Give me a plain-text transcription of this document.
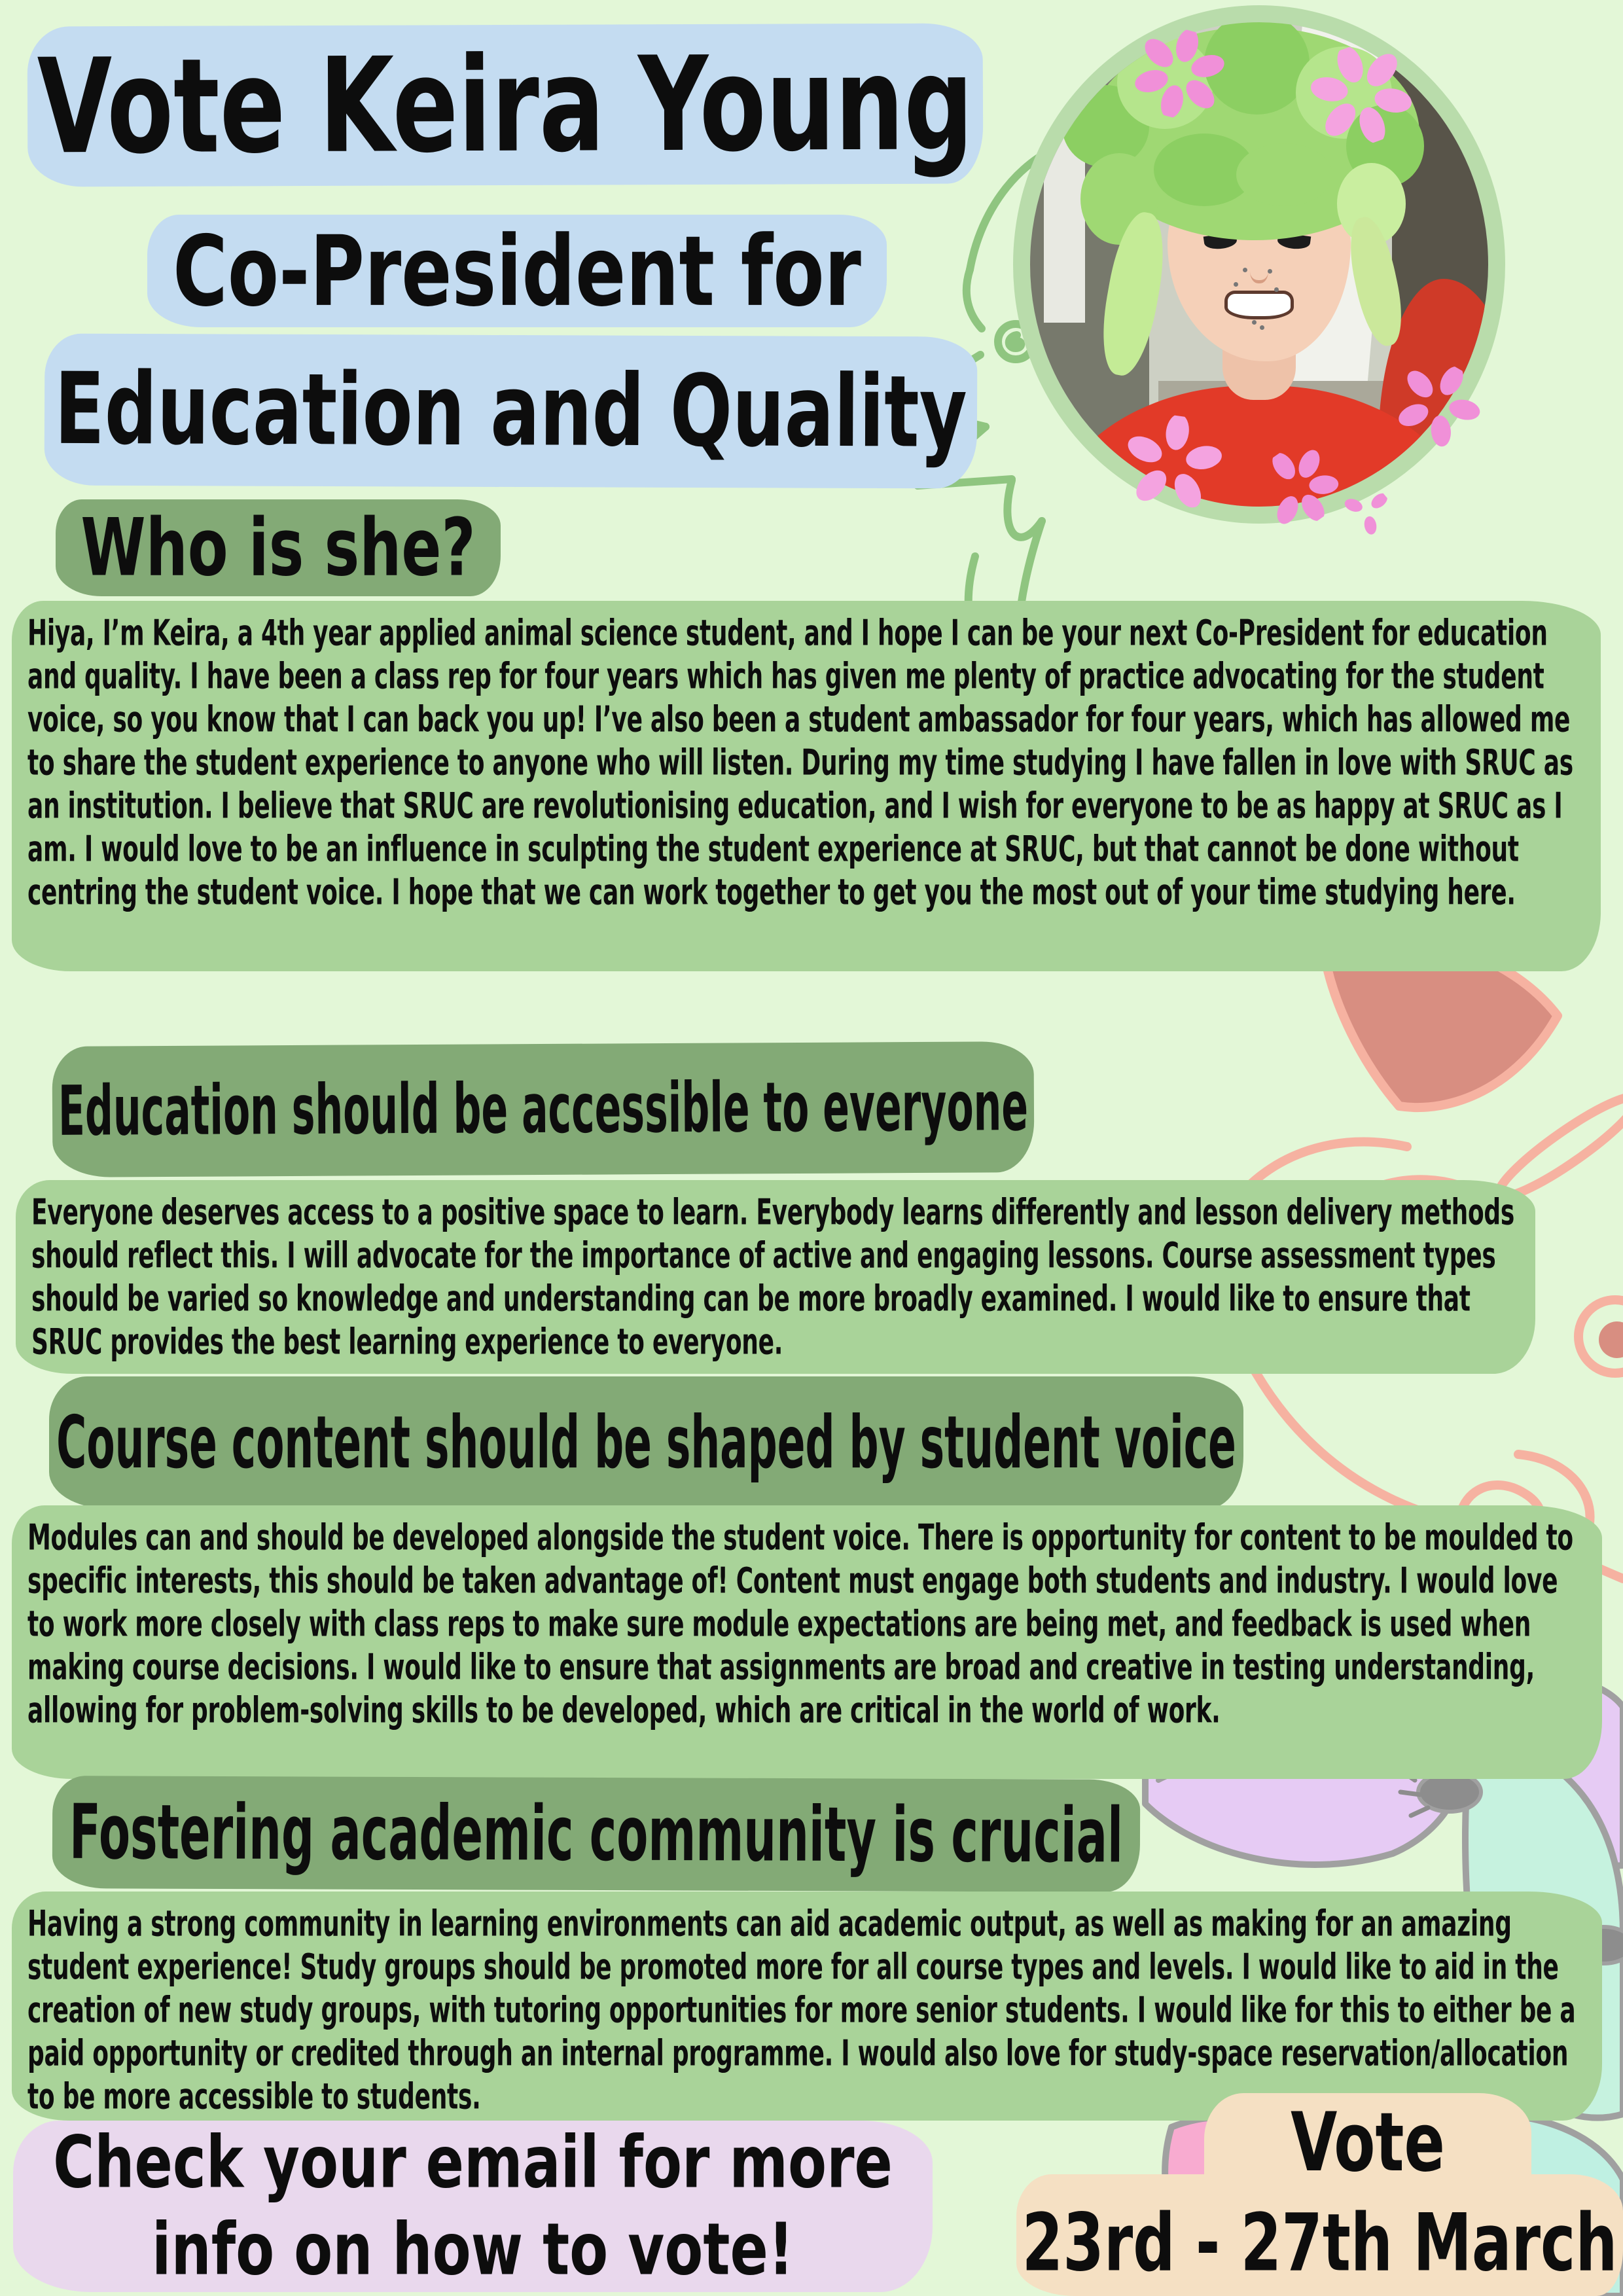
Vote Keira Young
Co-President for
Education and Quality
Who is she?
Hiya, I’m Keira, a 4th year applied animal science student, and I hope I can be your next Co-President for education and quality. I have been a class rep for four years which has given me plenty of practice advocating for the student voice, so you know that I can back you up! I’ve also been a student ambassador for four years, which has allowed me to share the student experience to anyone who will listen. During my time studying I have fallen in love with SRUC as an institution. I believe that SRUC are revolutionising education, and I wish for everyone to be as happy at SRUC as I am. I would love to be an influence in sculpting the student experience at SRUC, but that cannot be done without centring the student voice. I hope that we can work together to get you the most out of your time studying here.
Education should be accessible to everyone
Everyone deserves access to a positive space to learn. Everybody learns differently and lesson delivery methods should reflect this. I will advocate for the importance of active and engaging lessons. Course assessment types should be varied so knowledge and understanding can be more broadly examined. I would like to ensure that SRUC provides the best learning experience to everyone.
Course content should be shaped by student voice
Modules can and should be developed alongside the student voice. There is opportunity for content to be moulded to specific interests, this should be taken advantage of! Content must engage both students and industry. I would love to work more closely with class reps to make sure module expectations are being met, and feedback is used when making course decisions. I would like to ensure that assignments are broad and creative in testing understanding, allowing for problem-solving skills to be developed, which are critical in the world of work.
Fostering academic community is crucial
Having a strong community in learning environments can aid academic output, as well as making for an amazing student experience! Study groups should be promoted more for all course types and levels. I would like to aid in the creation of new study groups, with tutoring opportunities for more senior students. I would like for this to either be a paid opportunity or credited through an internal programme. I would also love for study-space reservation/allocation to be more accessible to students.
Check your email for more
info on how to vote!
Vote
23rd - 27th March
